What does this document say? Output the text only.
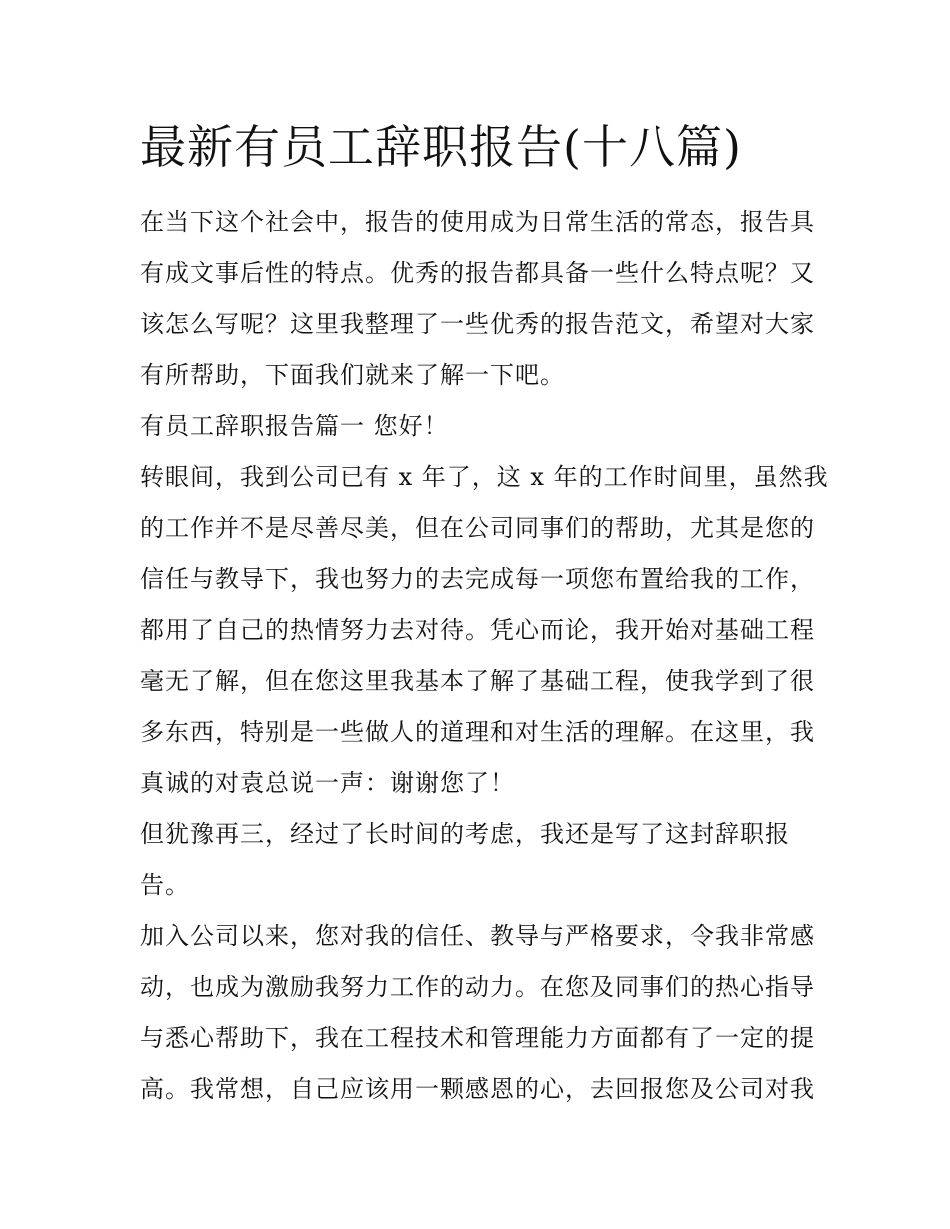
最新有员工辞职报告(十八篇)
在当下这个社会中，报告的使用成为日常生活的常态，报告具
有成文事后性的特点。优秀的报告都具备一些什么特点呢？又
该怎么写呢？这里我整理了一些优秀的报告范文，希望对大家
有所帮助，下面我们就来了解一下吧。
有员工辞职报告篇一 您好！
转眼间，我到公司已有 x 年了，这 x 年的工作时间里，虽然我
的工作并不是尽善尽美，但在公司同事们的帮助，尤其是您的
信任与教导下，我也努力的去完成每一项您布置给我的工作，
都用了自己的热情努力去对待。凭心而论，我开始对基础工程
毫无了解，但在您这里我基本了解了基础工程，使我学到了很
多东西，特别是一些做人的道理和对生活的理解。在这里，我
真诚的对袁总说一声：谢谢您了！
但犹豫再三，经过了长时间的考虑，我还是写了这封辞职报
告。
加入公司以来，您对我的信任、教导与严格要求，令我非常感
动，也成为激励我努力工作的动力。在您及同事们的热心指导
与悉心帮助下，我在工程技术和管理能力方面都有了一定的提
高。我常想，自己应该用一颗感恩的心，去回报您及公司对我
